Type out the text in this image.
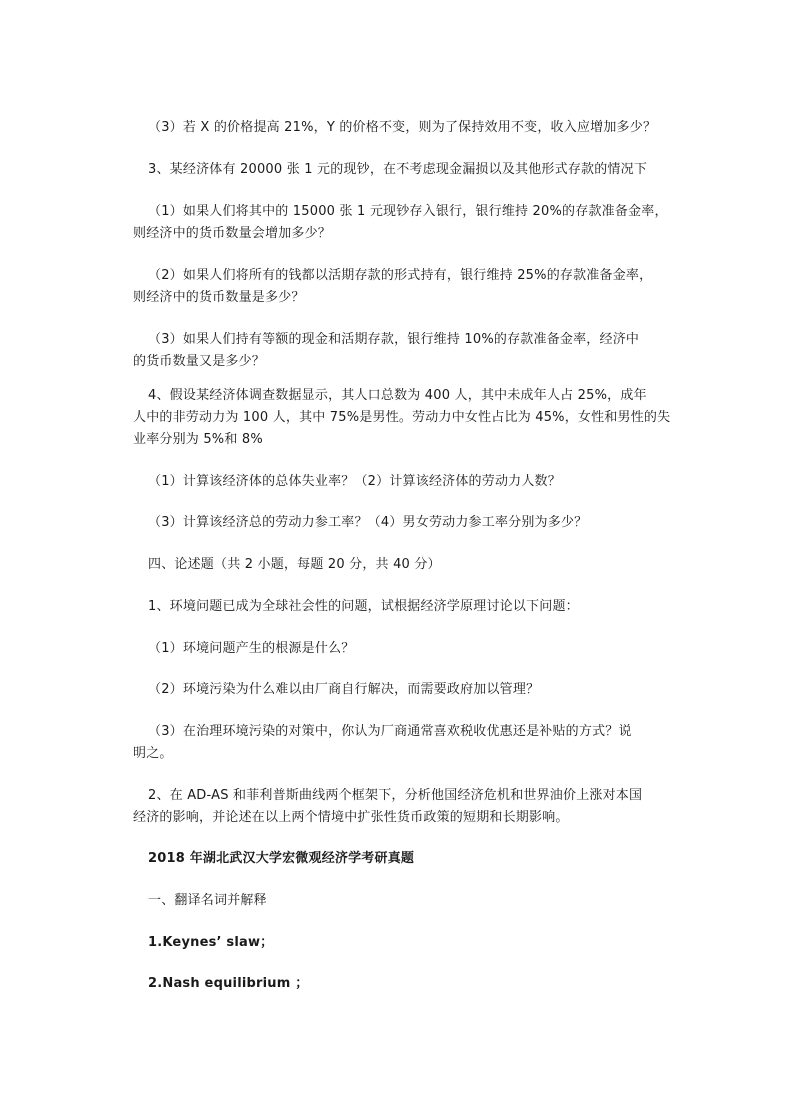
（3）若 X 的价格提高 21%，Y 的价格不变，则为了保持效用不变，收入应增加多少？
3、某经济体有 20000 张 1 元的现钞，在不考虑现金漏损以及其他形式存款的情况下
（1）如果人们将其中的 15000 张 1 元现钞存入银行，银行维持 20%的存款准备金率，
则经济中的货币数量会增加多少？
（2）如果人们将所有的钱都以活期存款的形式持有，银行维持 25%的存款准备金率，
则经济中的货币数量是多少？
（3）如果人们持有等额的现金和活期存款，银行维持 10%的存款准备金率，经济中
的货币数量又是多少？
4、假设某经济体调查数据显示，其人口总数为 400 人，其中未成年人占 25%，成年
人中的非劳动力为 100 人，其中 75%是男性。劳动力中女性占比为 45%，女性和男性的失
业率分别为 5%和 8%
（1）计算该经济体的总体失业率？（2）计算该经济体的劳动力人数？
（3）计算该经济总的劳动力参工率？（4）男女劳动力参工率分别为多少？
四、论述题（共 2 小题，每题 20 分，共 40 分）
1、环境问题已成为全球社会性的问题，试根据经济学原理讨论以下问题：
（1）环境问题产生的根源是什么？
（2）环境污染为什么难以由厂商自行解决，而需要政府加以管理？
（3）在治理环境污染的对策中，你认为厂商通常喜欢税收优惠还是补贴的方式？说
明之。
2、在 AD-AS 和菲利普斯曲线两个框架下，分析他国经济危机和世界油价上涨对本国
经济的影响，并论述在以上两个情境中扩张性货币政策的短期和长期影响。
2018 年湖北武汉大学宏微观经济学考研真题
一、翻译名词并解释
1.Keynes’ slaw；
2.Nash equilibrium ；
